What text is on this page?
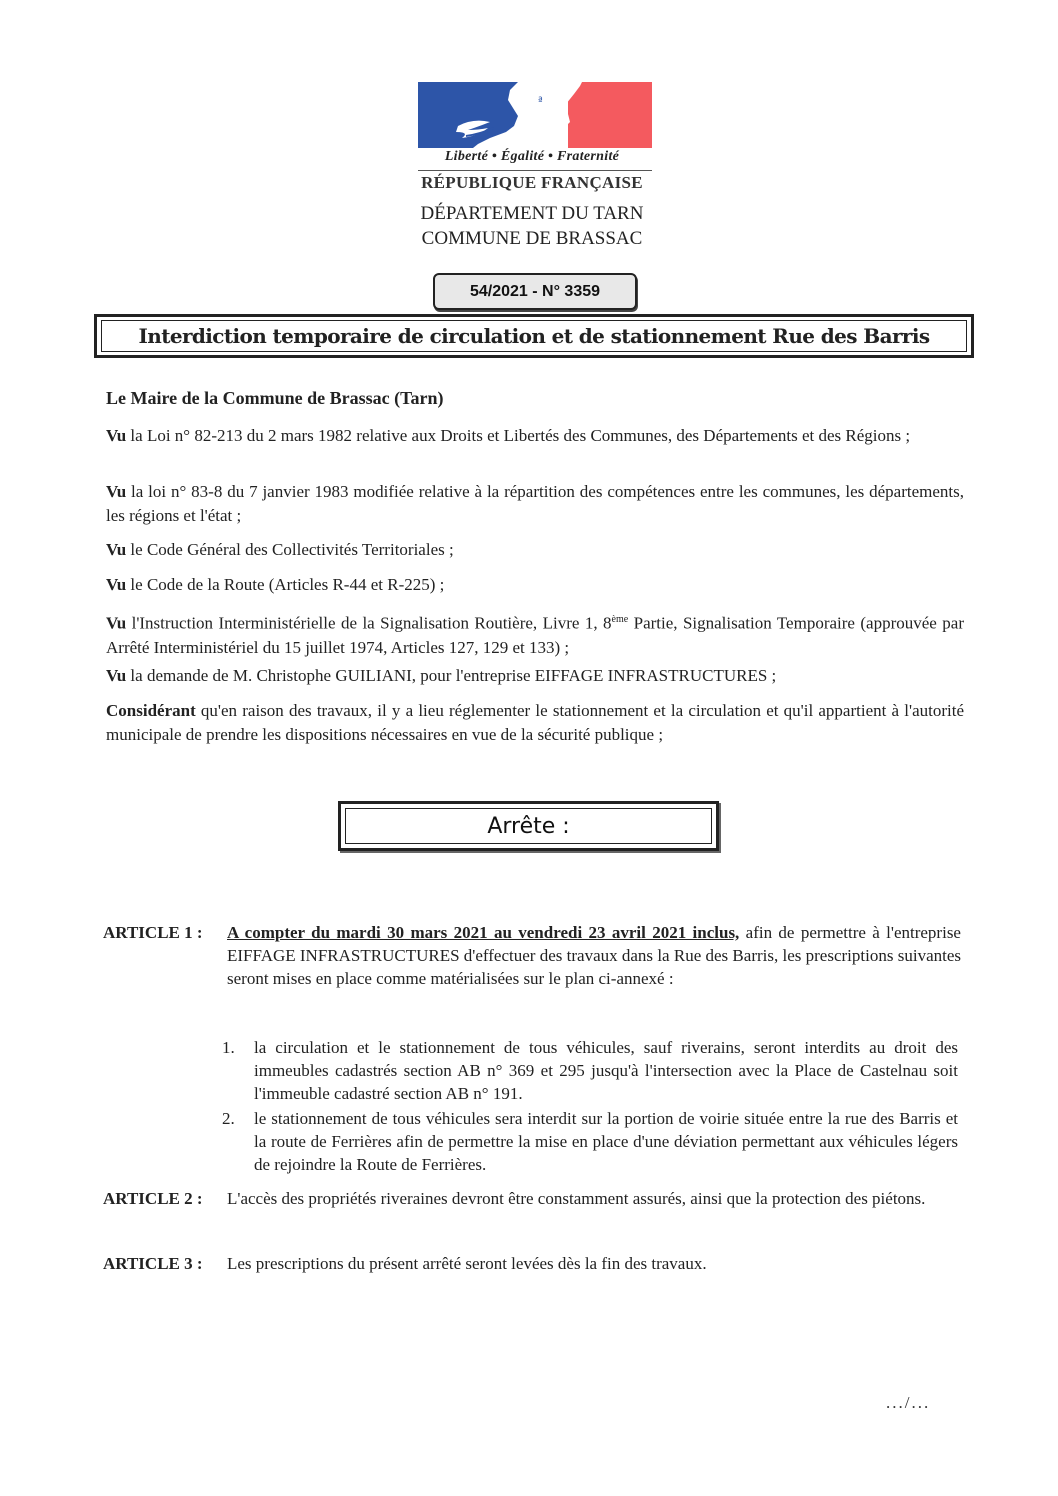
ª
Liberté • Égalité • Fraternité
RÉPUBLIQUE FRANÇAISE
DÉPARTEMENT DU TARN
COMMUNE DE BRASSAC
54/2021 - N° 3359
Interdiction temporaire de circulation et de stationnement Rue des Barris
Le Maire de la Commune de Brassac (Tarn)
Vu la Loi n° 82-213 du 2 mars 1982 relative aux Droits et Libertés des Communes, des Départements et des Régions ;
Vu la loi n° 83-8 du 7 janvier 1983 modifiée relative à la répartition des compétences entre les communes, les départements, les régions et l'état ;
Vu le Code Général des Collectivités Territoriales ;
Vu le Code de la Route (Articles R-44 et R-225) ;
Vu l'Instruction Interministérielle de la Signalisation Routière, Livre 1, 8ème Partie, Signalisation Temporaire (approuvée par Arrêté Interministériel du 15 juillet 1974, Articles 127, 129 et 133) ;
Vu la demande de M. Christophe GUILIANI, pour l'entreprise EIFFAGE INFRASTRUCTURES ;
Considérant qu'en raison des travaux, il y a lieu réglementer le stationnement et la circulation et qu'il appartient à l'autorité municipale de prendre les dispositions nécessaires en vue de la sécurité publique ;
Arrête :
ARTICLE 1 : A compter du mardi 30 mars 2021 au vendredi 23 avril 2021 inclus, afin de permettre à l'entreprise EIFFAGE INFRASTRUCTURES d'effectuer des travaux dans la Rue des Barris, les prescriptions suivantes seront mises en place comme matérialisées sur le plan ci-annexé :
1. la circulation et le stationnement de tous véhicules, sauf riverains, seront interdits au droit des immeubles cadastrés section AB n° 369 et 295 jusqu'à l'intersection avec la Place de Castelnau soit l'immeuble cadastré section AB n° 191.
2. le stationnement de tous véhicules sera interdit sur la portion de voirie située entre la rue des Barris et la route de Ferrières afin de permettre la mise en place d'une déviation permettant aux véhicules légers de rejoindre la Route de Ferrières.
ARTICLE 2 : L'accès des propriétés riveraines devront être constamment assurés, ainsi que la protection des piétons.
ARTICLE 3 : Les prescriptions du présent arrêté seront levées dès la fin des travaux.
.../...
